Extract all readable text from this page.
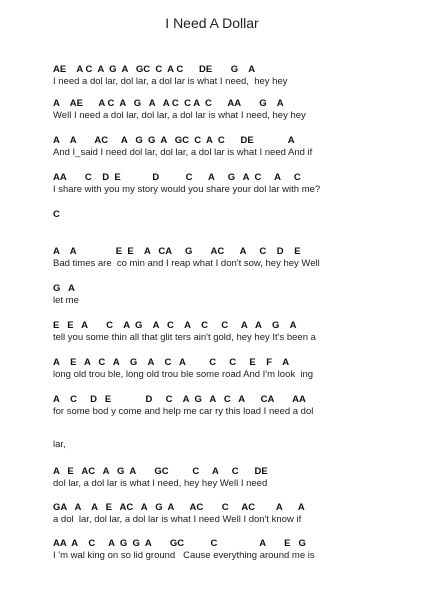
I Need A Dollar
AE    A C  A  G  A   GC  C  A C      DE       G    A
I need a dol lar, dol lar, a dol lar is what I need,  hey hey
A    AE      A C  A   G   A   A C  C A  C      AA       G    A
Well I need a dol lar, dol lar, a dol lar is what I need, hey hey
A    A       AC     A   G  G  A   GC  C  A  C      DE             A
And I_said I need dol lar, dol lar, a dol lar is what I need And if
AA       C    D  E            D          C      A     G   A  C     A     C
I share with you my story would you share your dol lar with me?
C
A    A               E  E    A   CA     G       AC      A     C    D    E
Bad times are  co min and I reap what I don't sow, hey hey Well
G   A
let me
E   E   A       C    A  G    A   C    A    C     C     A   A    G    A
tell you some thin all that glit ters ain't gold, hey hey It's been a
A    E   A   C   A    G    A    C   A         C     C     E    F    A
long old trou ble, long old trou ble some road And I'm look  ing
A    C     D   E             D     C    A  G   A   C   A      CA       AA
for some bod y come and help me car ry this load I need a dol
lar,
A   E   AC   A   G  A       GC         C     A     C      DE
dol lar, a dol lar is what I need, hey hey Well I need
GA   A    A   E   AC   A   G  A      AC       C     AC        A      A
a dol  lar, dol lar, a dol lar is what I need Well I don't know if
AA  A    C     A  G  G  A       GC          C                A       E   G
I 'm wal king on so lid ground   Cause everything around me is
